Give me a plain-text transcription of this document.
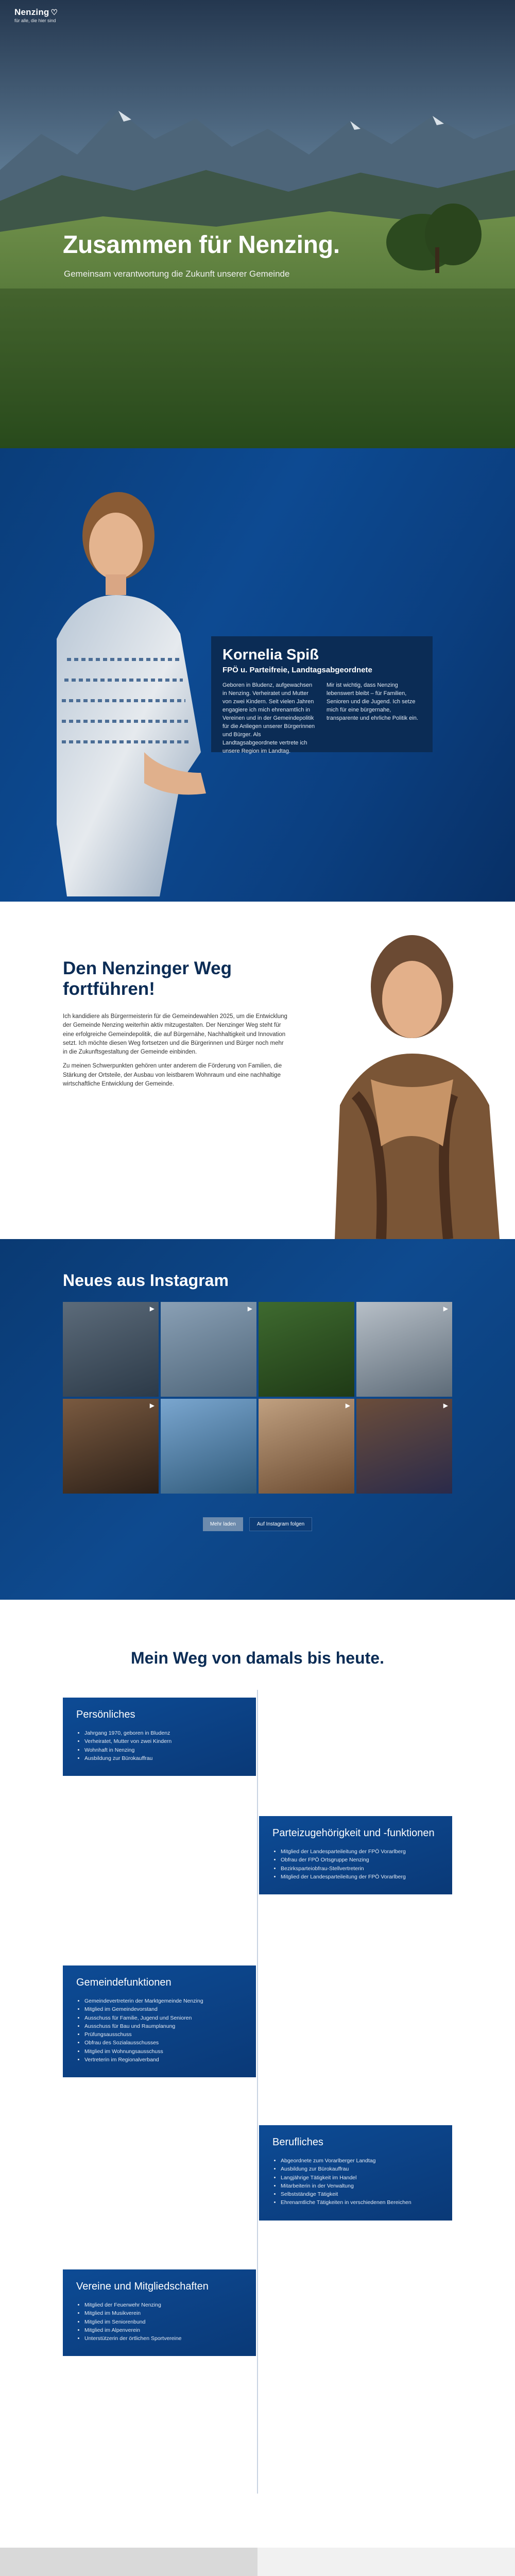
Nenzing ♡
für alle, die hier sind
Zusammen für Nenzing.
Gemeinsam verantwortung die Zukunft unserer Gemeinde
Kornelia Spiß
FPÖ u. Parteifreie, Landtagsabgeordnete

Geboren in Bludenz, aufgewachsen in Nenzing. Verheiratet und Mutter von zwei Kindern. Seit vielen Jahren engagiere ich mich ehrenamtlich in Vereinen und in der Gemeindepolitik für die Anliegen unserer Bürgerinnen und Bürger. Als Landtagsabgeordnete vertrete ich unsere Region im Landtag.

Mir ist wichtig, dass Nenzing lebenswert bleibt – für Familien, Senioren und die Jugend. Ich setze mich für eine bürgernahe, transparente und ehrliche Politik ein.

Den Nenzinger Weg fortführen!

Ich kandidiere als Bürgermeisterin für die Gemeindewahlen 2025, um die Entwicklung der Gemeinde Nenzing weiterhin aktiv mitzugestalten. Der Nenzinger Weg steht für eine erfolgreiche Gemeindepolitik, die auf Bürgernähe, Nachhaltigkeit und Innovation setzt. Ich möchte diesen Weg fortsetzen und die Bürgerinnen und Bürger noch mehr in die Zukunftsgestaltung der Gemeinde einbinden.

Zu meinen Schwerpunkten gehören unter anderem die Förderung von Familien, die Stärkung der Ortsteile, der Ausbau von leistbarem Wohnraum und eine nachhaltige wirtschaftliche Entwicklung der Gemeinde.

Neues aus Instagram
▶	▶	▶
▶	▶	▶
Mehr laden	Auf Instagram folgen
Mein Weg von damals bis heute.
Persönliches
• Jahrgang 1970, geboren in Bludenz
• Verheiratet, Mutter von zwei Kindern
• Wohnhaft in Nenzing
• Ausbildung zur Bürokauffrau
Parteizugehörigkeit und -funktionen
• Mitglied der Landesparteileitung der FPÖ Vorarlberg
• Obfrau der FPÖ Ortsgruppe Nenzing
• Bezirksparteiobfrau-Stellvertreterin
• Mitglied der Landesparteileitung der FPÖ Vorarlberg
Gemeindefunktionen
• Gemeindevertreterin der Marktgemeinde Nenzing
• Mitglied im Gemeindevorstand
• Ausschuss für Familie, Jugend und Senioren
• Ausschuss für Bau und Raumplanung
• Prüfungsausschuss
• Obfrau des Sozialausschusses
• Mitglied im Wohnungsausschuss
• Vertreterin im Regionalverband
Berufliches
• Abgeordnete zum Vorarlberger Landtag
• Ausbildung zur Bürokauffrau
• Langjährige Tätigkeit im Handel
• Mitarbeiterin in der Verwaltung
• Selbstständige Tätigkeit
• Ehrenamtliche Tätigkeiten in verschiedenen Bereichen
Vereine und Mitgliedschaften
• Mitglied der Feuerwehr Nenzing
• Mitglied im Musikverein
• Mitglied im Seniorenbund
• Mitglied im Alpenverein
• Unterstützerin der örtlichen Sportvereine
